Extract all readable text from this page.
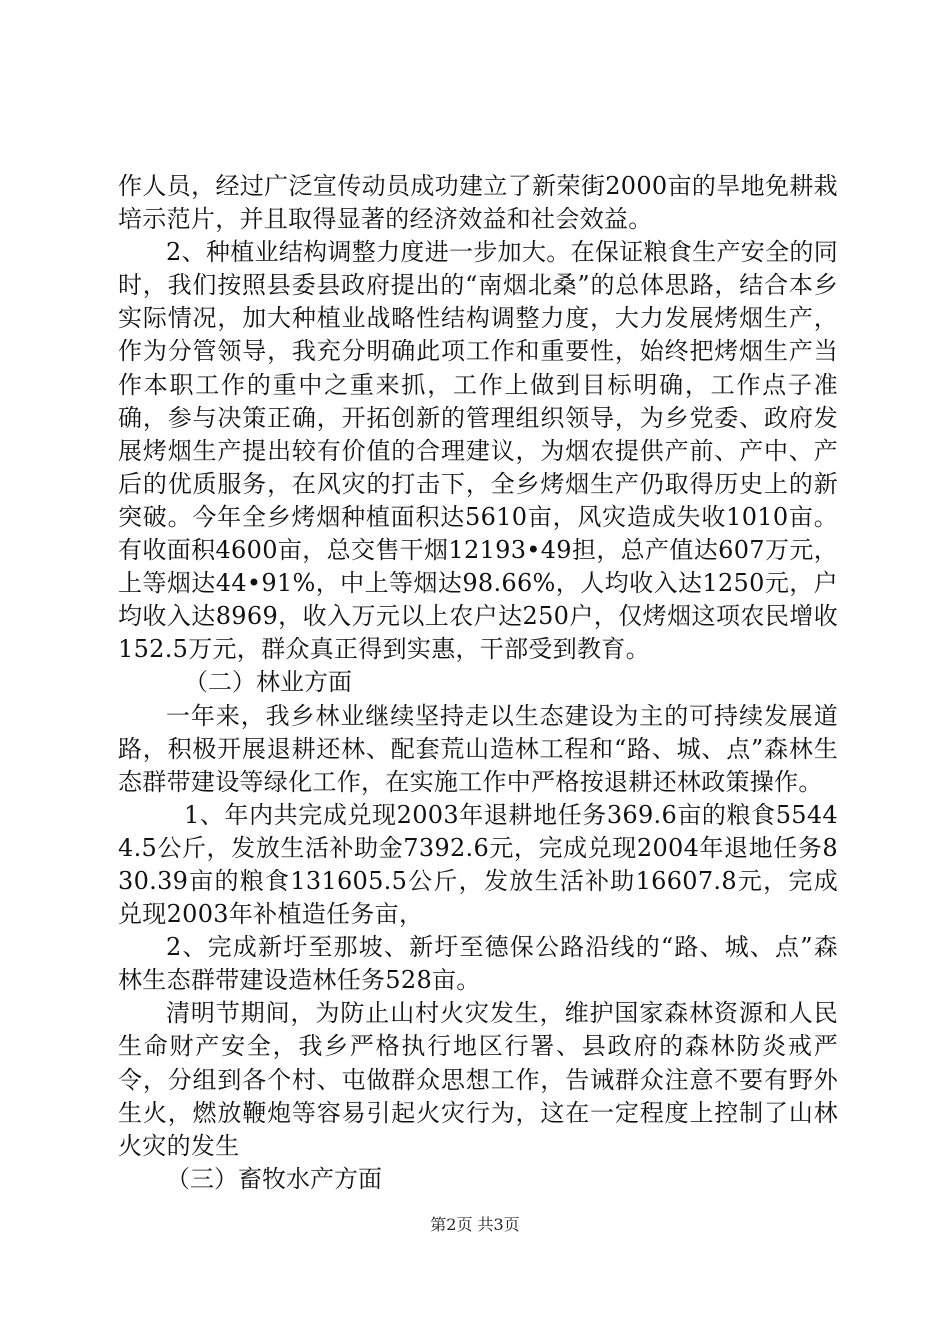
作人员，经过广泛宣传动员成功建立了新荣街2000亩的旱地免耕栽培示范片，并且取得显著的经济效益和社会效益。

2、种植业结构调整力度进一步加大。在保证粮食生产安全的同时，我们按照县委县政府提出的“南烟北桑”的总体思路，结合本乡实际情况，加大种植业战略性结构调整力度，大力发展烤烟生产，作为分管领导，我充分明确此项工作和重要性，始终把烤烟生产当作本职工作的重中之重来抓，工作上做到目标明确，工作点子准确，参与决策正确，开拓创新的管理组织领导，为乡党委、政府发展烤烟生产提出较有价值的合理建议，为烟农提供产前、产中、产后的优质服务，在风灾的打击下，全乡烤烟生产仍取得历史上的新突破。今年全乡烤烟种植面积达5610亩，风灾造成失收1010亩。有收面积4600亩，总交售干烟12193•49担，总产值达607万元，上等烟达44•91%，中上等烟达98.66%，人均收入达1250元，户均收入达8969，收入万元以上农户达250户，仅烤烟这项农民增收152.5万元，群众真正得到实惠，干部受到教育。

（二）林业方面

一年来，我乡林业继续坚持走以生态建设为主的可持续发展道路，积极开展退耕还林、配套荒山造林工程和“路、城、点”森林生态群带建设等绿化工作，在实施工作中严格按退耕还林政策操作。

1、年内共完成兑现2003年退耕地任务369.6亩的粮食55444.5公斤，发放生活补助金7392.6元，完成兑现2004年退地任务830.39亩的粮食131605.5公斤，发放生活补助16607.8元，完成兑现2003年补植造任务亩，

2、完成新圩至那坡、新圩至德保公路沿线的“路、城、点”森林生态群带建设造林任务528亩。

清明节期间，为防止山村火灾发生，维护国家森林资源和人民生命财产安全，我乡严格执行地区行署、县政府的森林防炎戒严令，分组到各个村、屯做群众思想工作，告诫群众注意不要有野外生火，燃放鞭炮等容易引起火灾行为，这在一定程度上控制了山林火灾的发生

（三）畜牧水产方面

第2页 共3页
